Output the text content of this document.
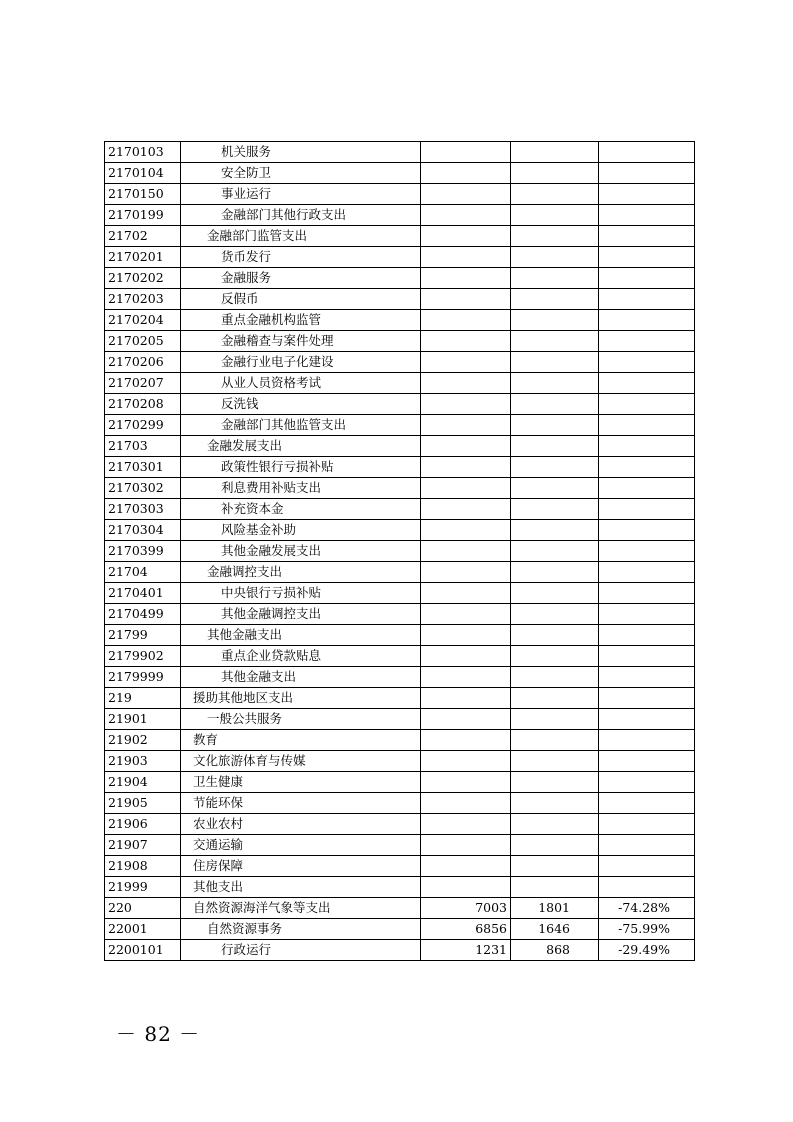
2170103	机关服务			
2170104	安全防卫			
2170150	事业运行			
2170199	金融部门其他行政支出			
21702	金融部门监管支出			
2170201	货币发行			
2170202	金融服务			
2170203	反假币			
2170204	重点金融机构监管			
2170205	金融稽查与案件处理			
2170206	金融行业电子化建设			
2170207	从业人员资格考试			
2170208	反洗钱			
2170299	金融部门其他监管支出			
21703	金融发展支出			
2170301	政策性银行亏损补贴			
2170302	利息费用补贴支出			
2170303	补充资本金			
2170304	风险基金补助			
2170399	其他金融发展支出			
21704	金融调控支出			
2170401	中央银行亏损补贴			
2170499	其他金融调控支出			
21799	其他金融支出			
2179902	重点企业贷款贴息			
2179999	其他金融支出			
219	援助其他地区支出			
21901	一般公共服务			
21902	教育			
21903	文化旅游体育与传媒			
21904	卫生健康			
21905	节能环保			
21906	农业农村			
21907	交通运输			
21908	住房保障			
21999	其他支出			
220	自然资源海洋气象等支出	7003	1801	-74.28%
22001	自然资源事务	6856	1646	-75.99%
2200101	行政运行	1231	868	-29.49%
－ 82 －
